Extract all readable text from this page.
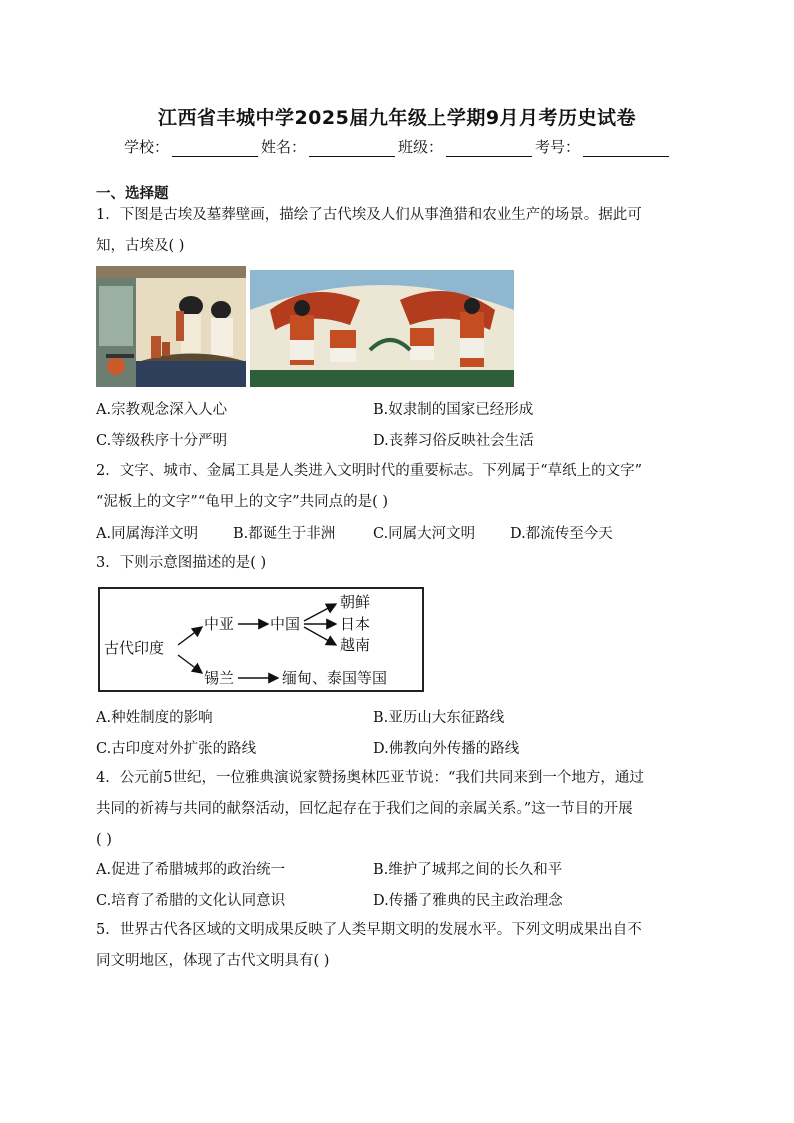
江西省丰城中学2025届九年级上学期9月月考历史试卷
学校：	姓名：	班级：	考号：
一、选择题
1．下图是古埃及墓葬壁画，描绘了古代埃及人们从事渔猎和农业生产的场景。据此可
知，古埃及( )
A.宗教观念深入人心	B.奴隶制的国家已经形成
C.等级秩序十分严明	D.丧葬习俗反映社会生活
2．文字、城市、金属工具是人类进入文明时代的重要标志。下列属于“草纸上的文字”
“泥板上的文字”“龟甲上的文字”共同点的是( )
A.同属海洋文明 B.都诞生于非洲	C.同属大河文明 D.都流传至今天
3．下则示意图描述的是( )
古代印度
中亚 中国
朝鲜
日本
越南
锡兰	缅甸、泰国等国
A.种姓制度的影响	B.亚历山大东征路线
C.古印度对外扩张的路线	D.佛教向外传播的路线
4．公元前5世纪，一位雅典演说家赞扬奥林匹亚节说：“我们共同来到一个地方，通过
共同的祈祷与共同的献祭活动，回忆起存在于我们之间的亲属关系。”这一节目的开展
( )
A.促进了希腊城邦的政治统一	B.维护了城邦之间的长久和平
C.培育了希腊的文化认同意识	D.传播了雅典的民主政治理念
5．世界古代各区域的文明成果反映了人类早期文明的发展水平。下列文明成果出自不
同文明地区，体现了古代文明具有( )
